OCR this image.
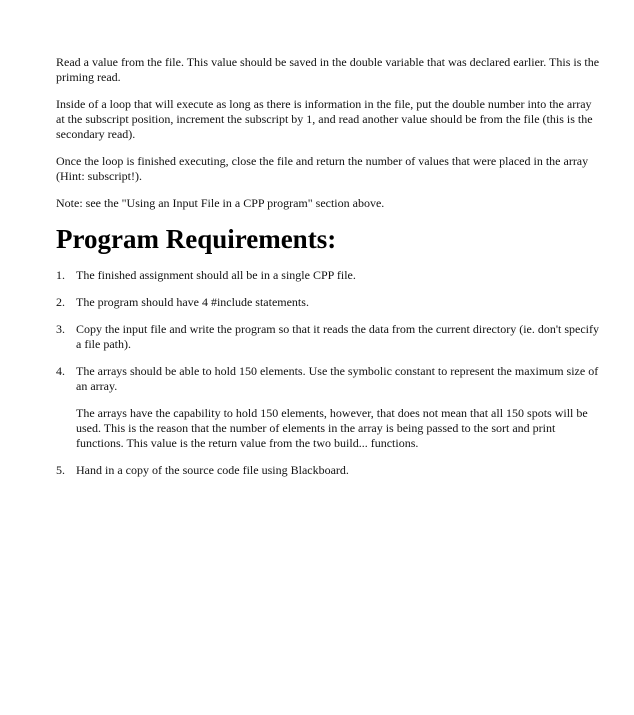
Read a value from the file. This value should be saved in the double variable that was declared earlier. This is the priming read.

Inside of a loop that will execute as long as there is information in the file, put the double number into the array at the subscript position, increment the subscript by 1, and read another value should be from the file (this is the secondary read).

Once the loop is finished executing, close the file and return the number of values that were placed in the array (Hint: subscript!).

Note: see the "Using an Input File in a CPP program" section above.

Program Requirements:
1. The finished assignment should all be in a single CPP file.
2. The program should have 4 #include statements.
3. Copy the input file and write the program so that it reads the data from the current directory (ie. don't specify a file path).
4. The arrays should be able to hold 150 elements. Use the symbolic constant to represent the maximum size of an array.
The arrays have the capability to hold 150 elements, however, that does not mean that all 150 spots will be used. This is the reason that the number of elements in the array is being passed to the sort and print functions. This value is the return value from the two build... functions.
5. Hand in a copy of the source code file using Blackboard.
